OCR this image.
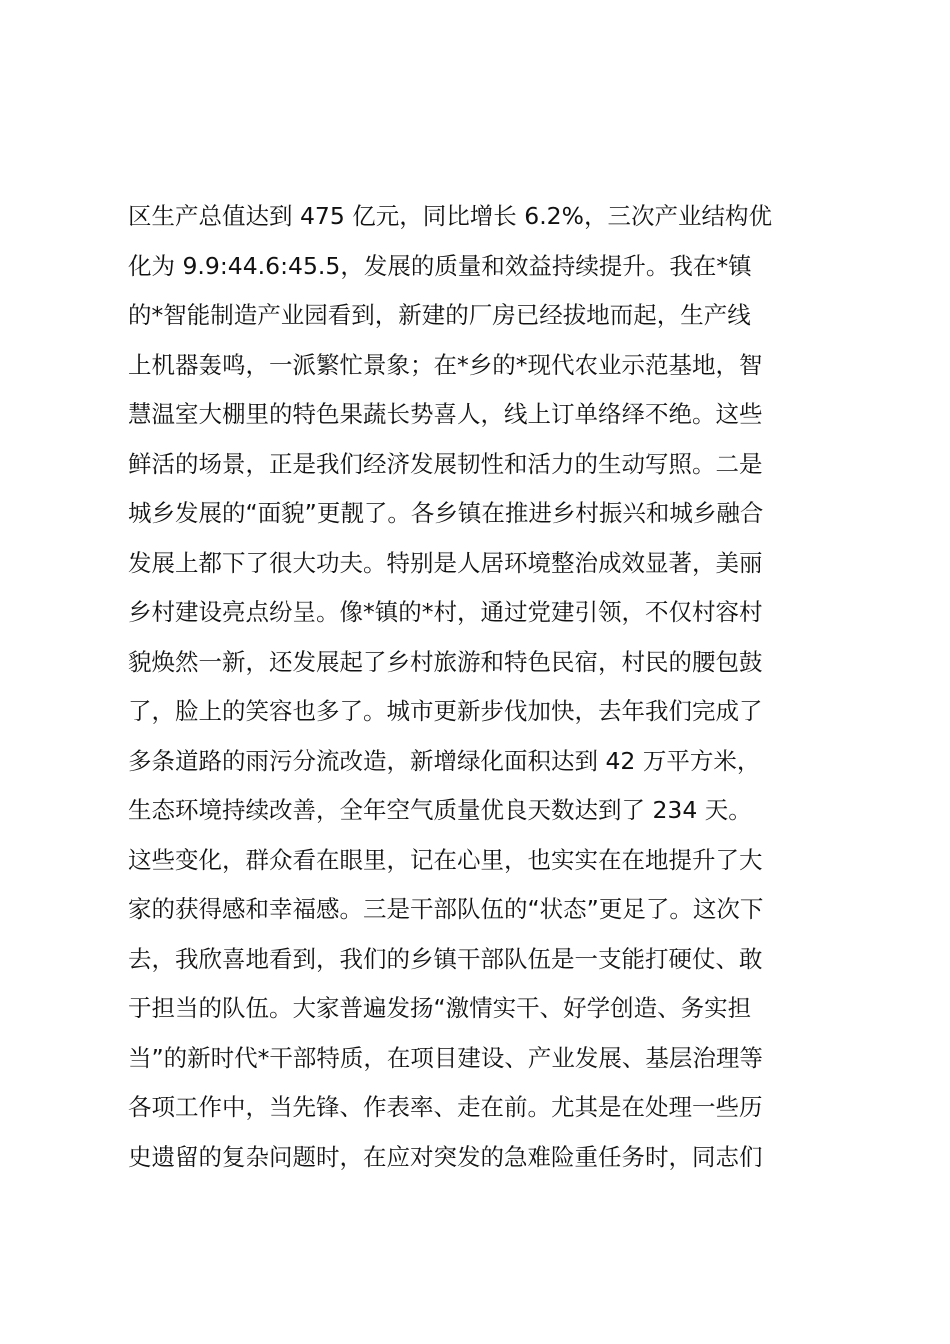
区生产总值达到 475 亿元，同比增长 6.2%，三次产业结构优
化为 9.9:44.6:45.5，发展的质量和效益持续提升。我在*镇
的*智能制造产业园看到，新建的厂房已经拔地而起，生产线
上机器轰鸣，一派繁忙景象；在*乡的*现代农业示范基地，智
慧温室大棚里的特色果蔬长势喜人，线上订单络绎不绝。这些
鲜活的场景，正是我们经济发展韧性和活力的生动写照。二是
城乡发展的“面貌”更靓了。各乡镇在推进乡村振兴和城乡融合
发展上都下了很大功夫。特别是人居环境整治成效显著，美丽
乡村建设亮点纷呈。像*镇的*村，通过党建引领，不仅村容村
貌焕然一新，还发展起了乡村旅游和特色民宿，村民的腰包鼓
了，脸上的笑容也多了。城市更新步伐加快，去年我们完成了
多条道路的雨污分流改造，新增绿化面积达到 42 万平方米，
生态环境持续改善，全年空气质量优良天数达到了 234 天。
这些变化，群众看在眼里，记在心里，也实实在在地提升了大
家的获得感和幸福感。三是干部队伍的“状态”更足了。这次下
去，我欣喜地看到，我们的乡镇干部队伍是一支能打硬仗、敢
于担当的队伍。大家普遍发扬“激情实干、好学创造、务实担
当”的新时代*干部特质，在项目建设、产业发展、基层治理等
各项工作中，当先锋、作表率、走在前。尤其是在处理一些历
史遗留的复杂问题时，在应对突发的急难险重任务时，同志们
